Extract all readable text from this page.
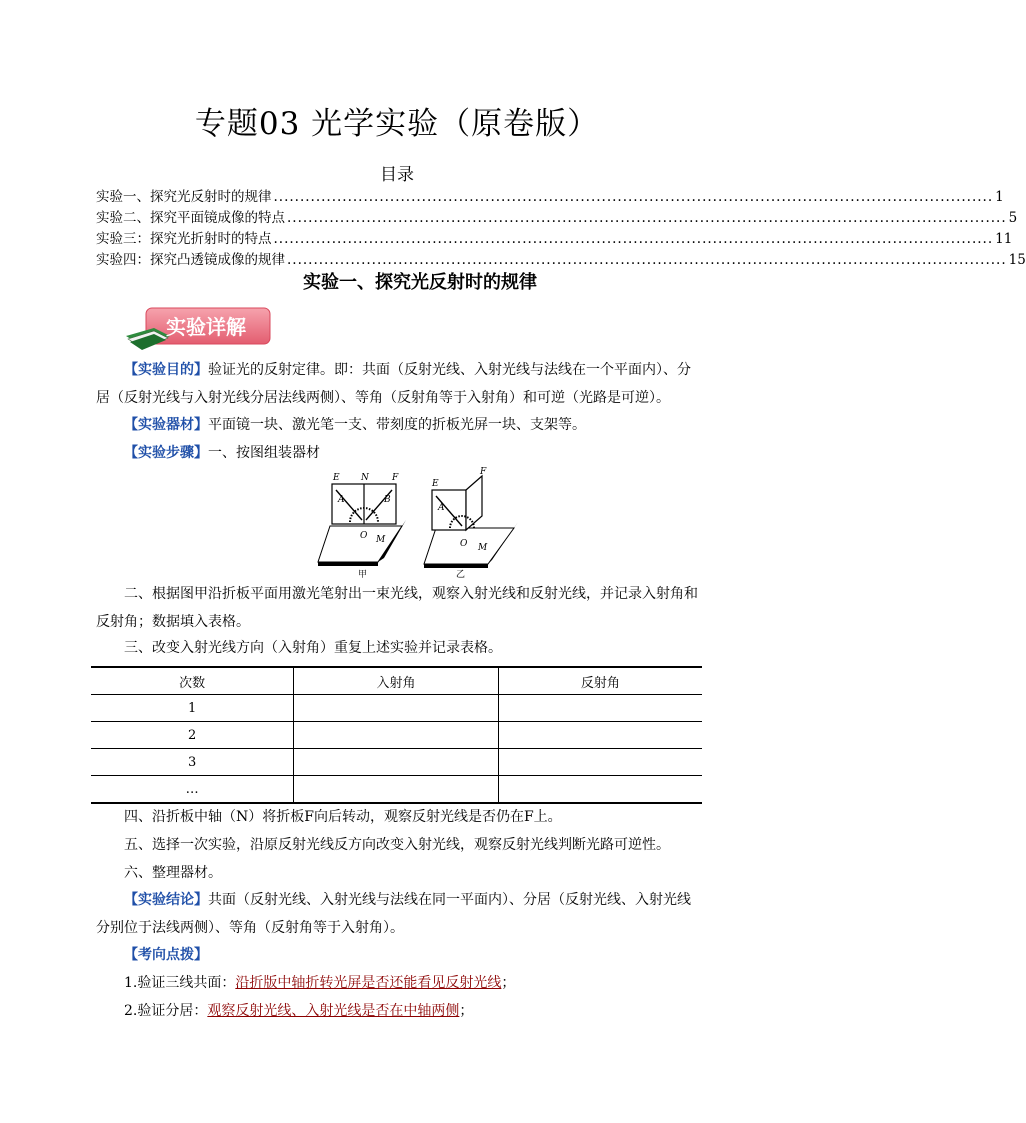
专题03 光学实验（原卷版）
目录
实验一、探究光反射时的规律 ........................................................................................................................................ 1
实验二、探究平面镜成像的特点 ........................................................................................................................................ 5
实验三：探究光折射时的特点 ........................................................................................................................................ 11
实验四：探究凸透镜成像的规律 ........................................................................................................................................ 15
实验一、探究光反射时的规律
实验详解
【实验目的】验证光的反射定律。即：共面（反射光线、入射光线与法线在一个平面内）、分居（反射光线与入射光线分居法线两侧）、等角（反射角等于入射角）和可逆（光路是可逆）。
【实验器材】平面镜一块、激光笔一支、带刻度的折板光屏一块、支架等。
【实验步骤】一、按图组装器材
E N	F
A	B
O M
甲
E
F
A
O M
乙
二、根据图甲沿折板平面用激光笔射出一束光线，观察入射光线和反射光线，并记录入射角和反射角；数据填入表格。
三、改变入射光线方向（入射角）重复上述实验并记录表格。
次数	入射角	反射角
1		
2		
3		
…		
四、沿折板中轴（N）将折板F向后转动，观察反射光线是否仍在F上。
五、选择一次实验，沿原反射光线反方向改变入射光线，观察反射光线判断光路可逆性。
六、整理器材。
【实验结论】共面（反射光线、入射光线与法线在同一平面内）、分居（反射光线、入射光线分别位于法线两侧）、等角（反射角等于入射角）。
【考向点拨】
1.验证三线共面：沿折版中轴折转光屏是否还能看见反射光线；
2.验证分居：观察反射光线、入射光线是否在中轴两侧；
